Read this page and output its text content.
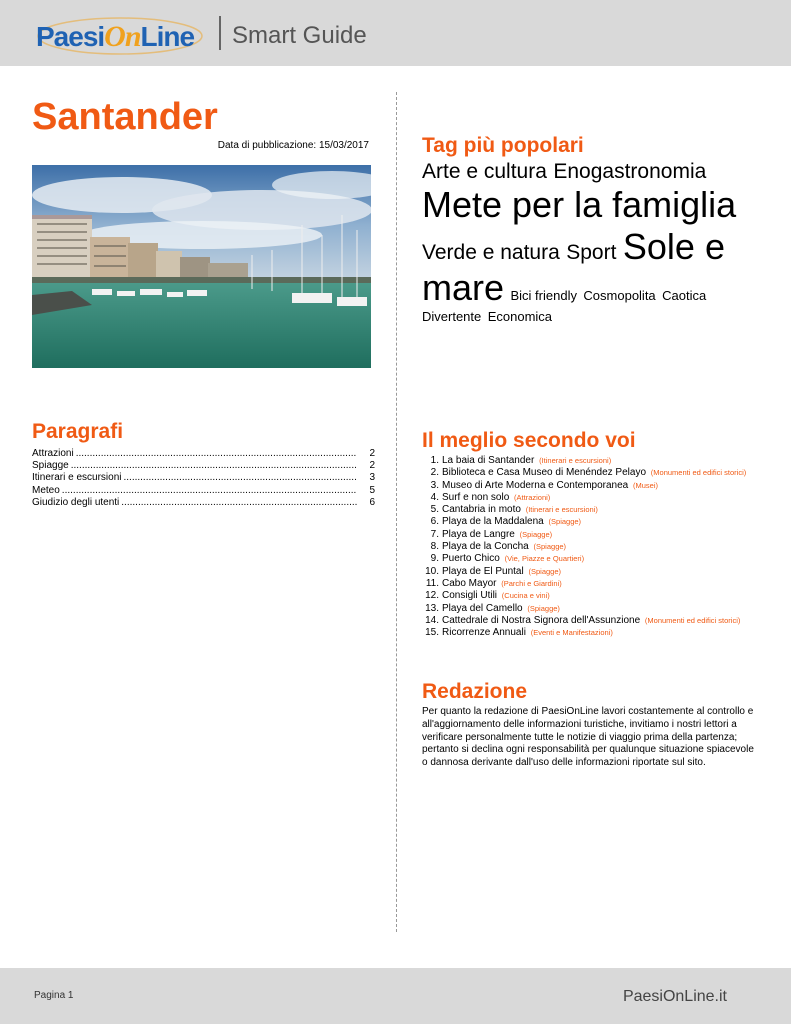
PaesiOnLine Smart Guide
Santander
Data di pubblicazione: 15/03/2017
Paragrafi
Attrazioni .....	2
Spiagge .....	2
Itinerari e escursioni .....	3
Meteo .....	5
Giudizio degli utenti .....	6
Tag più popolari
Arte e cultura Enogastronomia Mete per la famiglia Verde e natura Sport Sole e mare Bici friendly Cosmopolita Caotica Divertente Economica
Il meglio secondo voi
1. La baia di Santander (Itinerari e escursioni)
2. Biblioteca e Casa Museo di Menéndez Pelayo (Monumenti ed edifici storici)
3. Museo di Arte Moderna e Contemporanea (Musei)
4. Surf e non solo (Attrazioni)
5. Cantabria in moto (Itinerari e escursioni)
6. Playa de la Maddalena (Spiagge)
7. Playa de Langre (Spiagge)
8. Playa de la Concha (Spiagge)
9. Puerto Chico (Vie, Piazze e Quartieri)
10. Playa de El Puntal (Spiagge)
11. Cabo Mayor (Parchi e Giardini)
12. Consigli Utili (Cucina e vini)
13. Playa del Camello (Spiagge)
14. Cattedrale di Nostra Signora dell'Assunzione (Monumenti ed edifici storici)
15. Ricorrenze Annuali (Eventi e Manifestazioni)
Redazione
Per quanto la redazione di PaesiOnLine lavori costantemente al controllo e all'aggiornamento delle informazioni turistiche, invitiamo i nostri lettori a verificare personalmente tutte le notizie di viaggio prima della partenza; pertanto si declina ogni responsabilità per qualunque situazione spiacevole o dannosa derivante dall'uso delle informazioni riportate sul sito.
Pagina 1	PaesiOnLine.it
